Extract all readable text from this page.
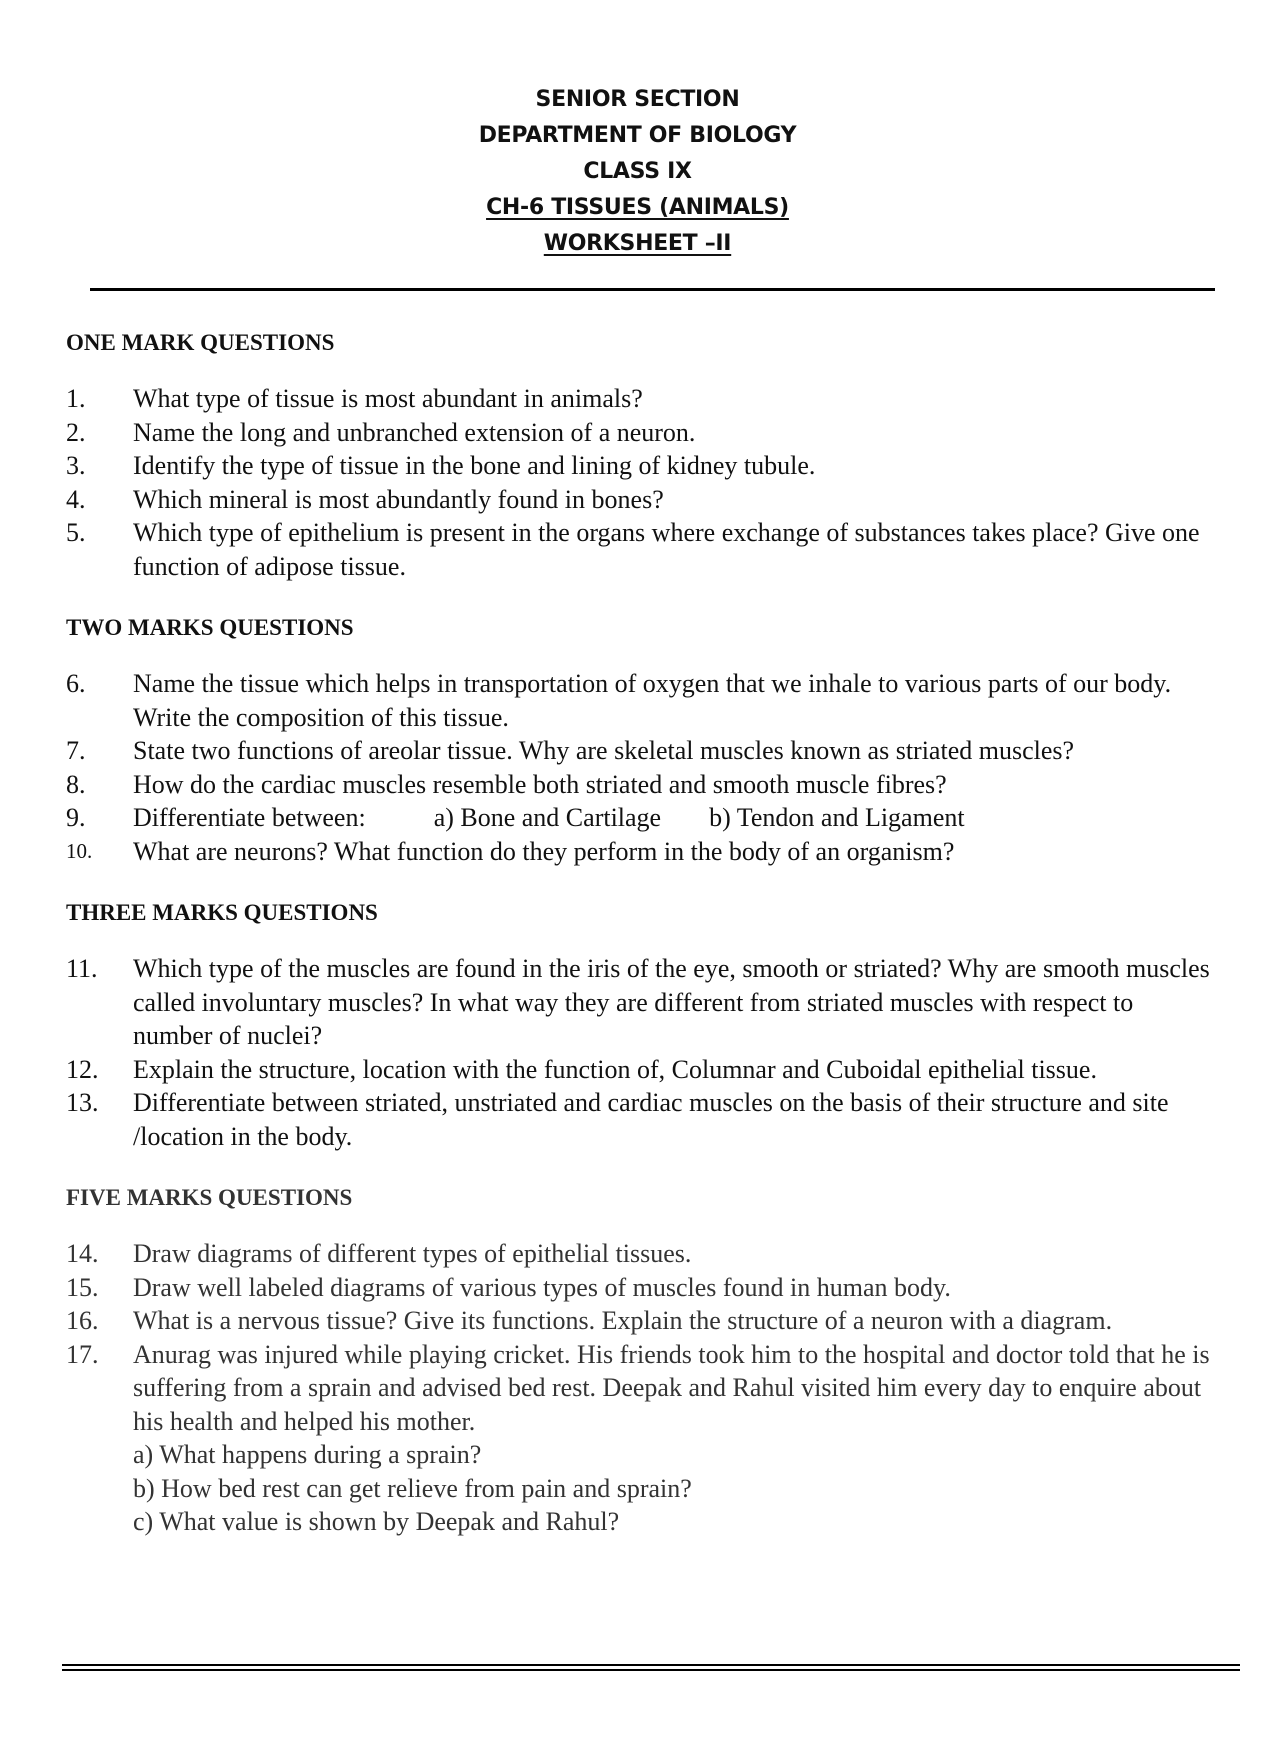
SENIOR SECTION
DEPARTMENT OF BIOLOGY
CLASS IX
CH-6 TISSUES (ANIMALS)
WORKSHEET –II
ONE MARK QUESTIONS
1. What type of tissue is most abundant in animals?
2. Name the long and unbranched extension of a neuron.
3. Identify the type of tissue in the bone and lining of kidney tubule.
4. Which mineral is most abundantly found in bones?
5. Which type of epithelium is present in the organs where exchange of substances takes place? Give one function of adipose tissue.
TWO MARKS QUESTIONS
6. Name the tissue which helps in transportation of oxygen that we inhale to various parts of our body. Write the composition of this tissue.
7. State two functions of areolar tissue. Why are skeletal muscles known as striated muscles?
8. How do the cardiac muscles resemble both striated and smooth muscle fibres?
9. Differentiate between:	a) Bone and Cartilage b) Tendon and Ligament
10. What are neurons? What function do they perform in the body of an organism?
THREE MARKS QUESTIONS
11. Which type of the muscles are found in the iris of the eye, smooth or striated? Why are smooth muscles called involuntary muscles? In what way they are different from striated muscles with respect to number of nuclei?
12. Explain the structure, location with the function of, Columnar and Cuboidal epithelial tissue.
13. Differentiate between striated, unstriated and cardiac muscles on the basis of their structure and site /location in the body.
FIVE MARKS QUESTIONS
14. Draw diagrams of different types of epithelial tissues.
15. Draw well labeled diagrams of various types of muscles found in human body.
16. What is a nervous tissue? Give its functions. Explain the structure of a neuron with a diagram.
17. Anurag was injured while playing cricket. His friends took him to the hospital and doctor told that he is suffering from a sprain and advised bed rest. Deepak and Rahul visited him every day to enquire about his health and helped his mother.
a) What happens during a sprain?
b) How bed rest can get relieve from pain and sprain?
c) What value is shown by Deepak and Rahul?
